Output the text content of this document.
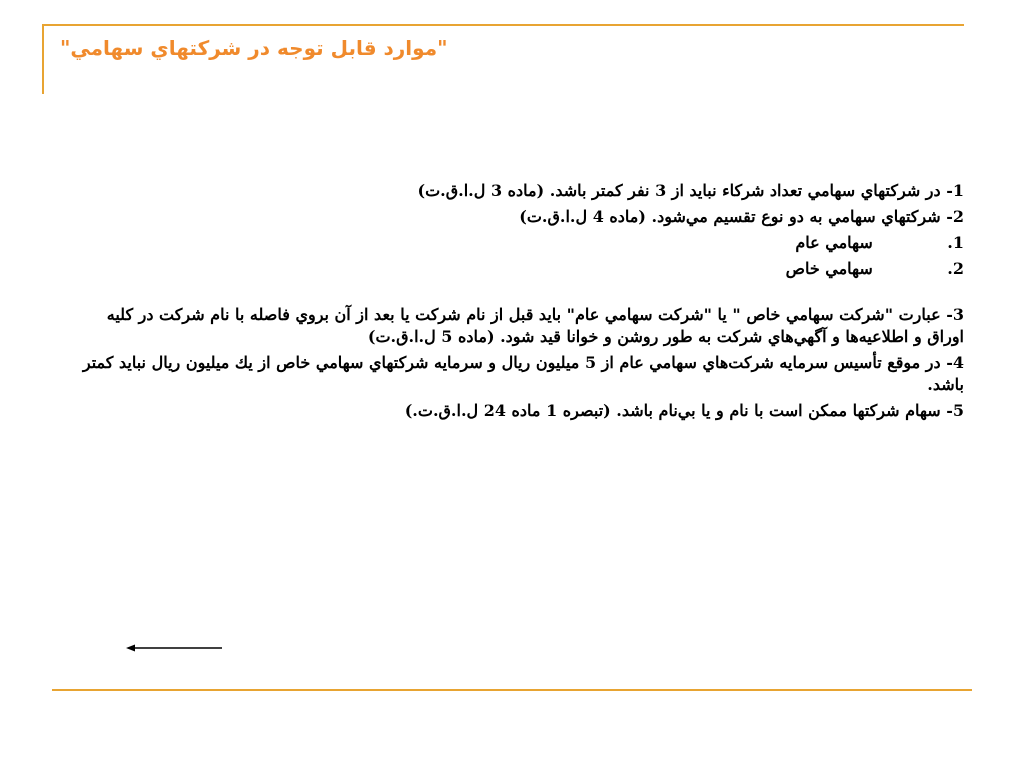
"موارد قابل توجه در شركتهاي سهامي"

1- در شركتهاي سهامي تعداد شركاء نبايد از 3 نفر كمتر باشد. (ماده 3 ل.ا.ق.ت)

2- شركتهاي سهامي به دو نوع تقسيم مي‌شود. (ماده 4 ل.ا.ق.ت)

1.  سهامي عام

2.  سهامي خاص

3- عبارت "شركت سهامي خاص " يا "شركت سهامي عام" بايد قبل از نام شركت يا بعد از آن بروي فاصله با نام شركت در كليه اوراق و اطلاعيه‌ها و آگهي‌هاي شركت به طور روشن و خوانا قيد شود. (ماده 5 ل.ا.ق.ت)

4- در موقع تأسيس سرمايه شركت‌هاي سهامي عام از 5 ميليون ريال و سرمايه شركتهاي سهامي خاص از يك ميليون ريال نبايد كمتر باشد.

5- سهام شركتها ممكن است با نام و يا بي‌نام باشد. (تبصره 1 ماده 24 ل.ا.ق.ت.)
